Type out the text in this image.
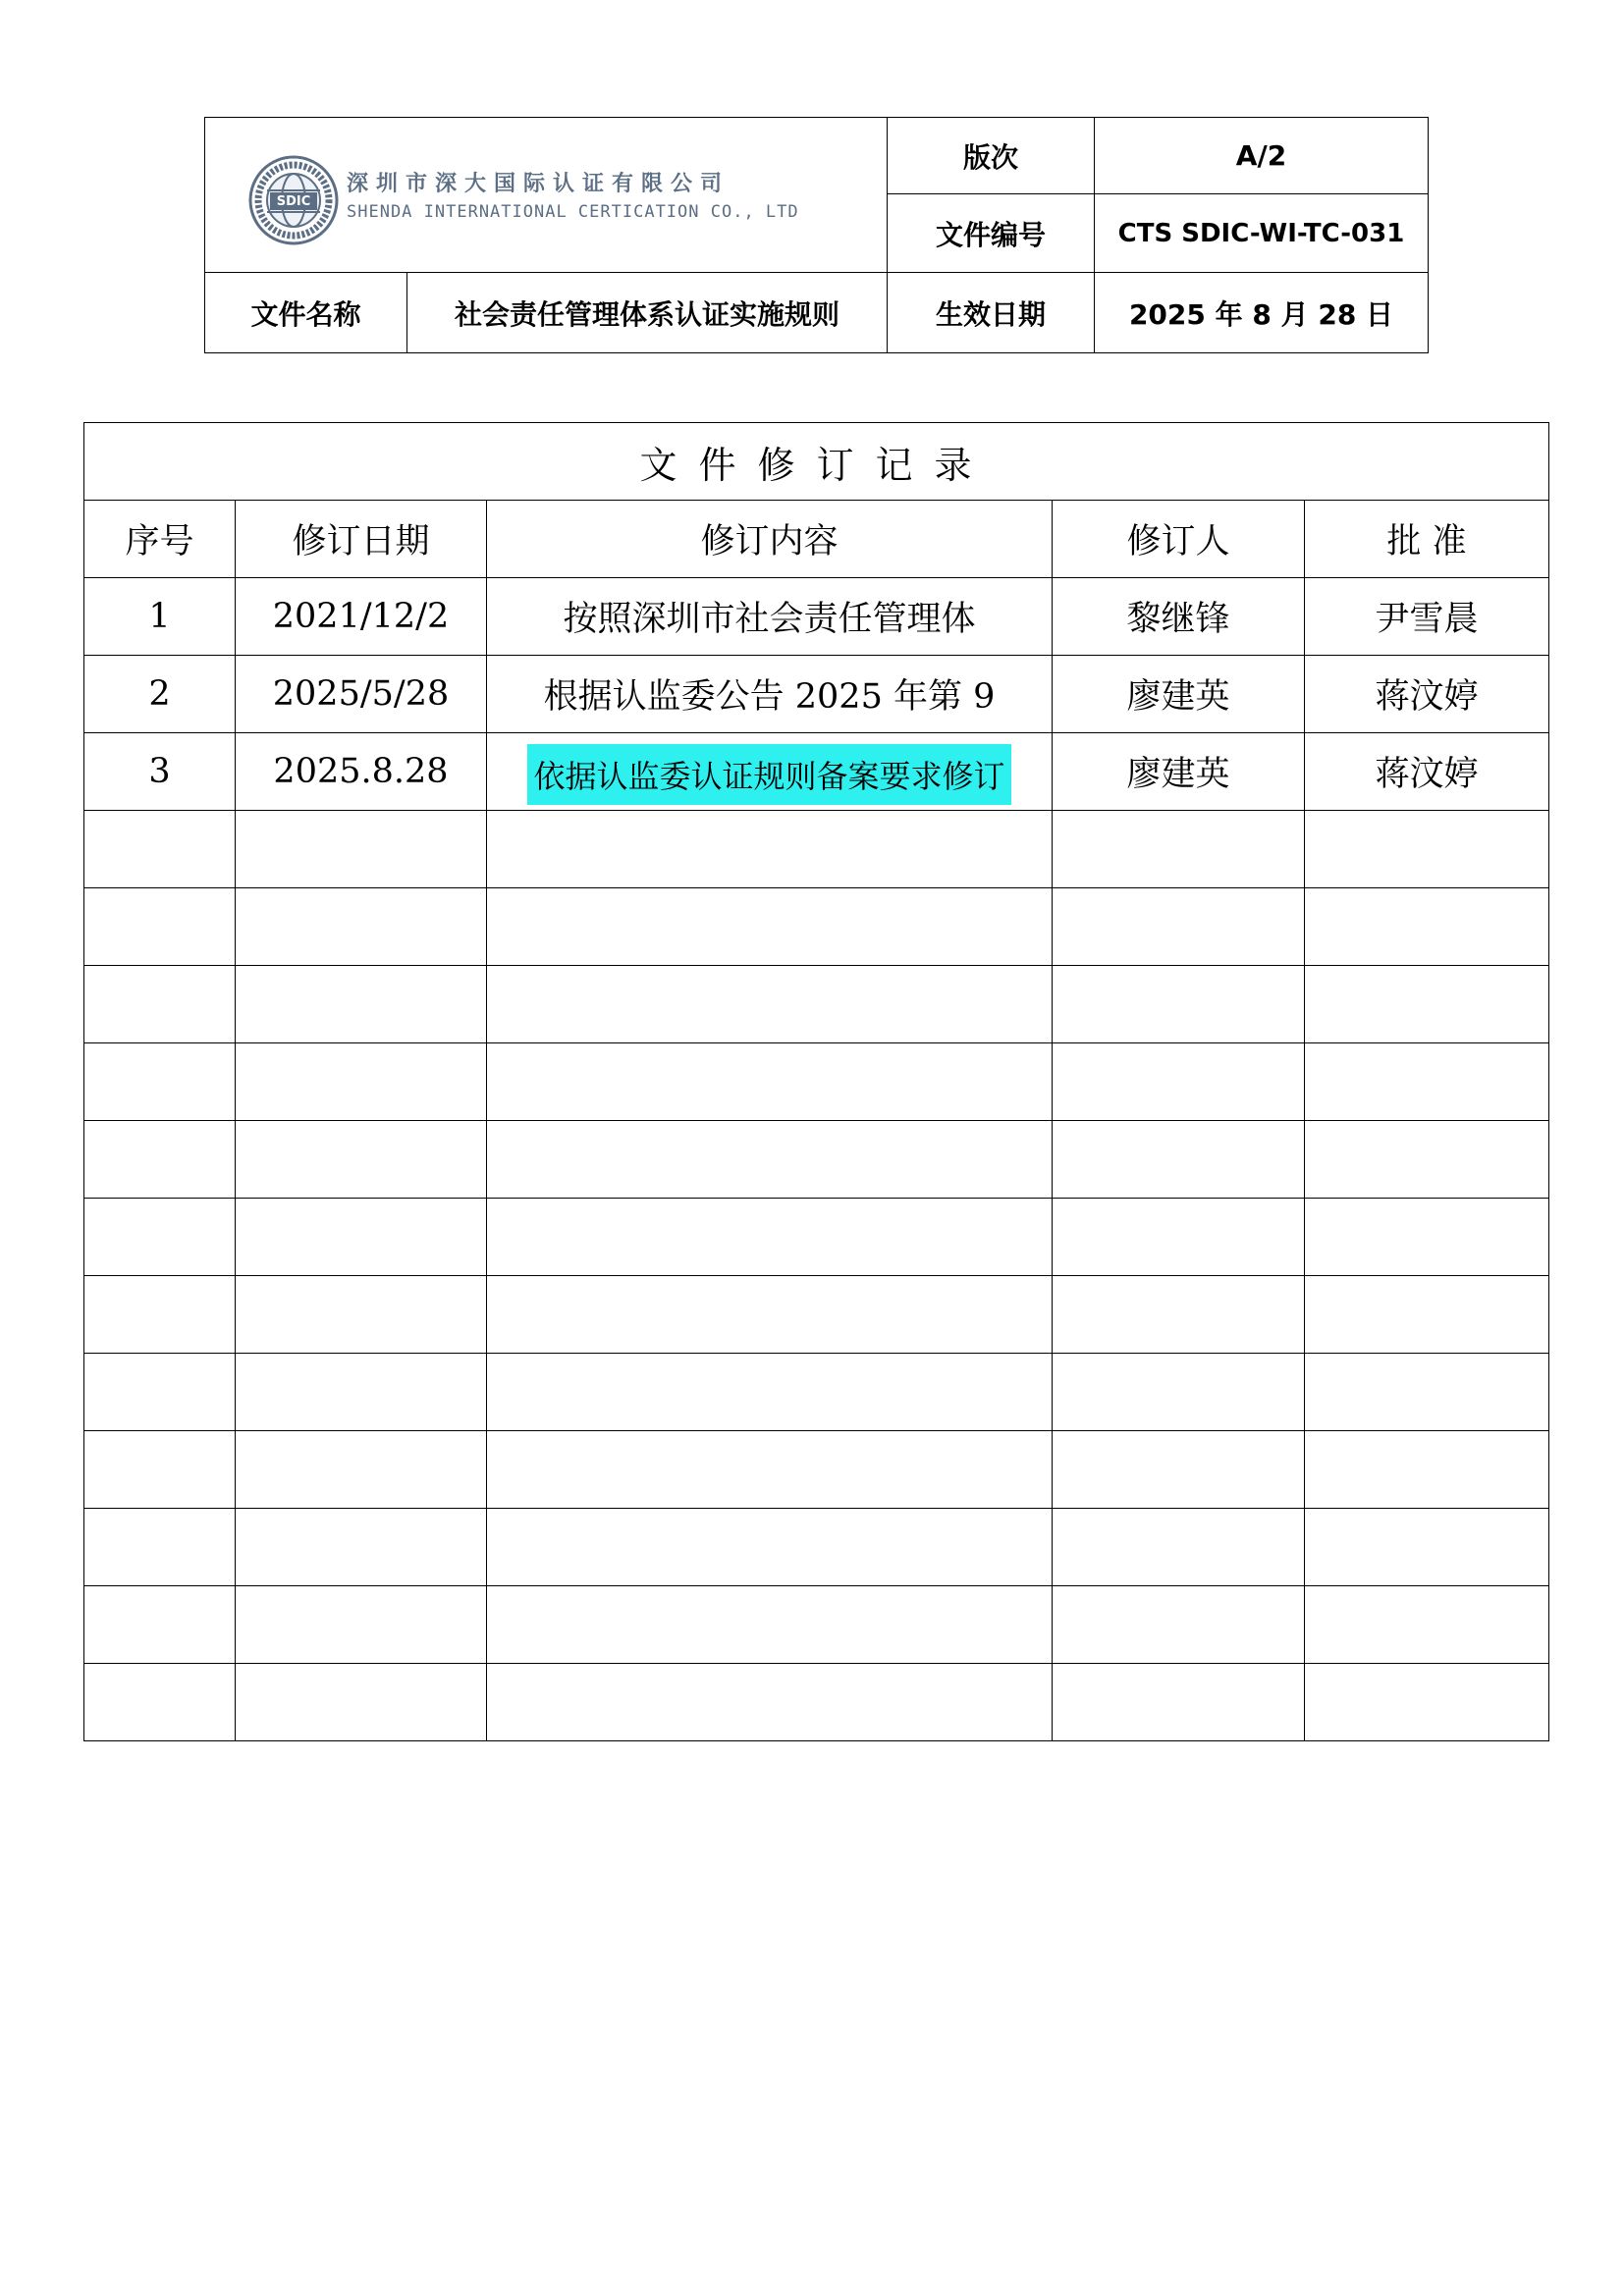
SDIC
深圳市深大国际认证有限公司
SHENDA INTERNATIONAL CERTICATION CO., LTD		版次	A/2
		文件编号	CTS SDIC-WI-TC-031
文件名称	社会责任管理体系认证实施规则	生效日期	2025 年 8 月 28 日
文件修订记录				
序号	修订日期	修订内容	修订人	批 准
1	2021/12/2	按照深圳市社会责任管理体	黎继锋	尹雪晨
2	2025/5/28	根据认监委公告 2025 年第 9	廖建英	蒋汶婷
3	2025.8.28	依据认监委认证规则备案要求修订	廖建英	蒋汶婷
